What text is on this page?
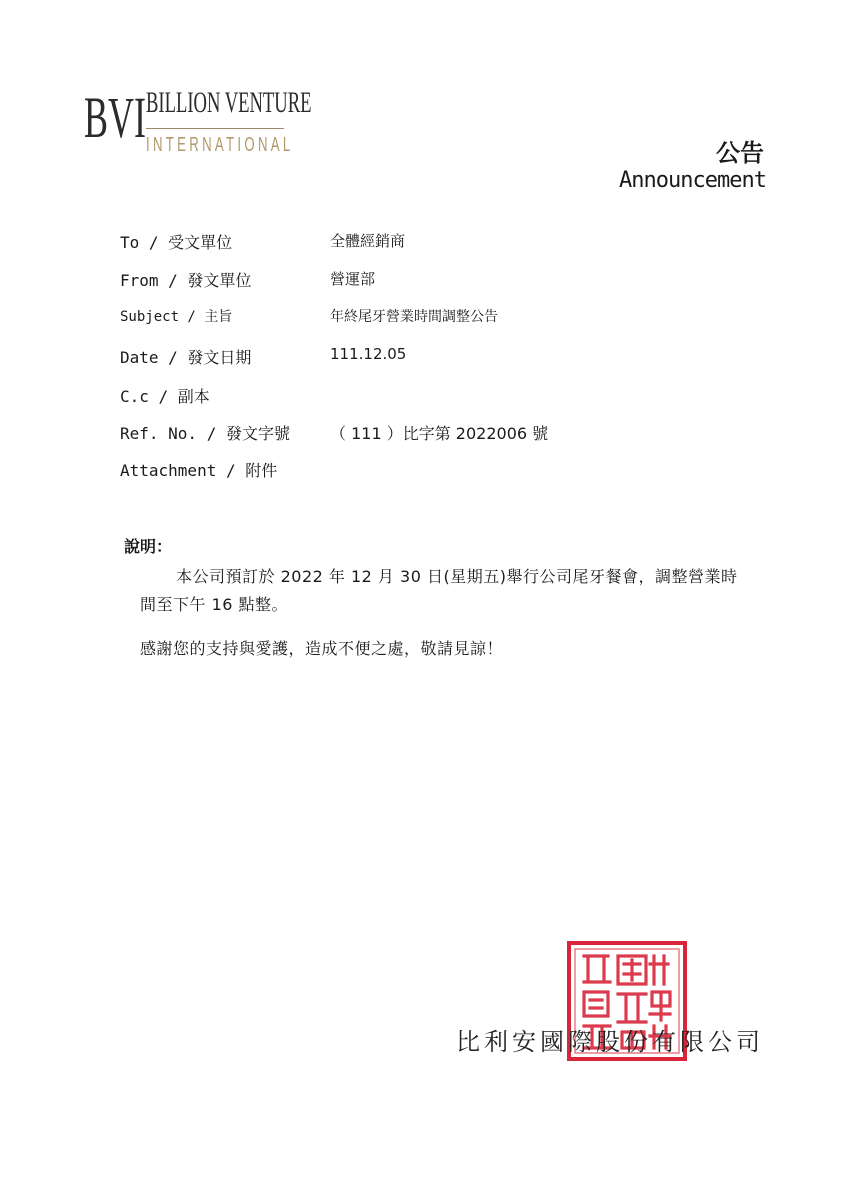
BVI BILLION VENTURE
INTERNATIONAL	公告
Announcement
To / 受文單位	全體經銷商
From / 發文單位	營運部
Subject / 主旨	年終尾牙營業時間調整公告
Date / 發文日期	111.12.05
C.c / 副本
Ref. No. / 發文字號	（ 111 ）比字第 2022006 號
Attachment / 附件
說明：
本公司預訂於 2022 年 12 月 30 日(星期五)舉行公司尾牙餐會，調整營業時間至下午 16 點整。
感謝您的支持與愛護，造成不便之處，敬請見諒！
比利安國際股份有限公司
